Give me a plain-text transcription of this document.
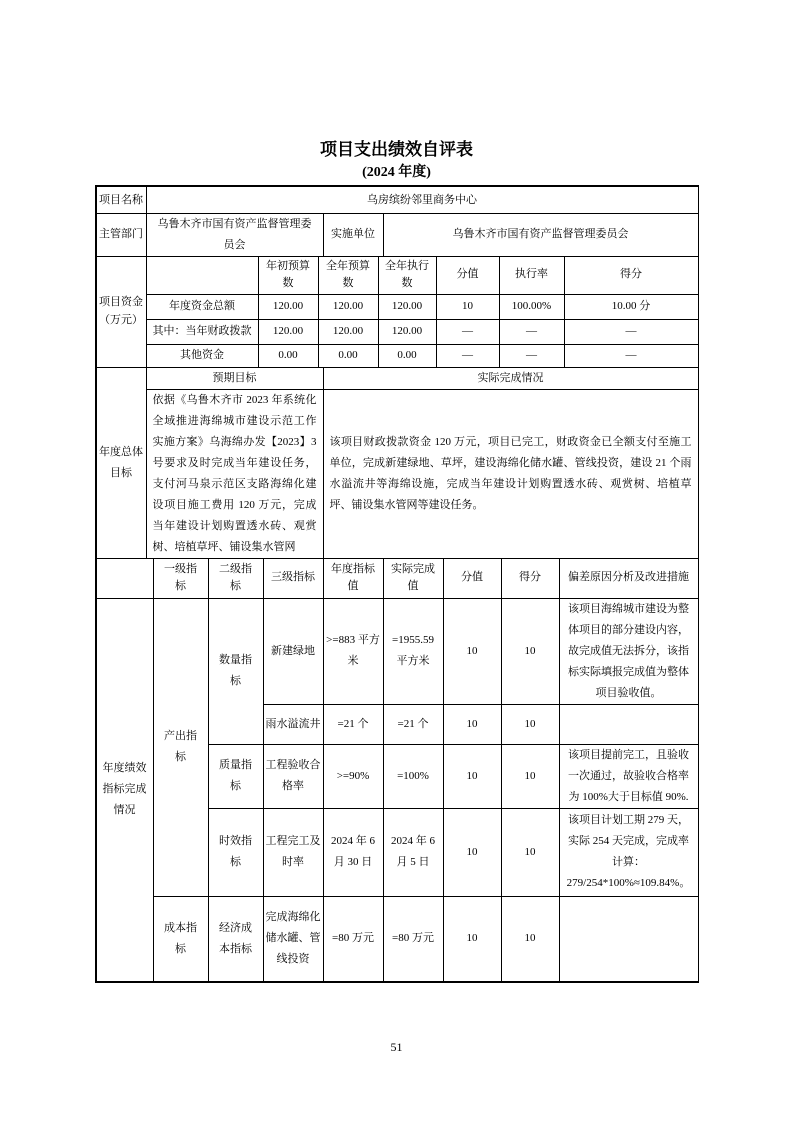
项目支出绩效自评表
(2024 年度)
项目名称	乌房缤纷邻里商务中心		
主管部门	乌鲁木齐市国有资产监督管理委员会	实施单位	乌鲁木齐市国有资产监督管理委员会
项目资金（万元）		年初预算数	全年预算数	全年执行数	分值	执行率	得分
	年度资金总额	120.00	120.00	120.00	10	100.00%	10.00 分
	其中：当年财政拨款	120.00	120.00	120.00	—	—	—
	其他资金	0.00	0.00	0.00	—	—	—
年度总体目标	预期目标	实际完成情况
	依据《乌鲁木齐市 2023 年系统化全域推进海绵城市建设示范工作实施方案》乌海绵办发【2023】3 号要求及时完成当年建设任务，支付河马泉示范区支路海绵化建设项目施工费用 120 万元，完成当年建设计划购置透水砖、观赏树、培植草坪、铺设集水管网	该项目财政拨款资金 120 万元，项目已完工，财政资金已全额支付至施工单位，完成新建绿地、草坪，建设海绵化储水罐、管线投资，建设 21 个雨水溢流井等海绵设施，完成当年建设计划购置透水砖、观赏树、培植草坪、铺设集水管网等建设任务。
	一级指标	二级指标	三级指标	年度指标值	实际完成值	分值	得分	偏差原因分析及改进措施
年度绩效指标完成情况	产出指标	数量指标	新建绿地	>=883 平方米	=1955.59 平方米	10	10	该项目海绵城市建设为整体项目的部分建设内容，故完成值无法拆分，该指标实际填报完成值为整体项目验收值。
			雨水溢流井	=21 个	=21 个	10	10	
		质量指标	工程验收合格率	>=90%	=100%	10	10	该项目提前完工，且验收一次通过，故验收合格率为 100%大于目标值 90%.
		时效指标	工程完工及时率	2024 年 6 月 30 日	2024 年 6 月 5 日	10	10	该项目计划工期 279 天，实际 254 天完成，完成率计算：279/254*100%≈109.84%。
	成本指标	经济成本指标	完成海绵化储水罐、管线投资	=80 万元	=80 万元	10	10	
51
